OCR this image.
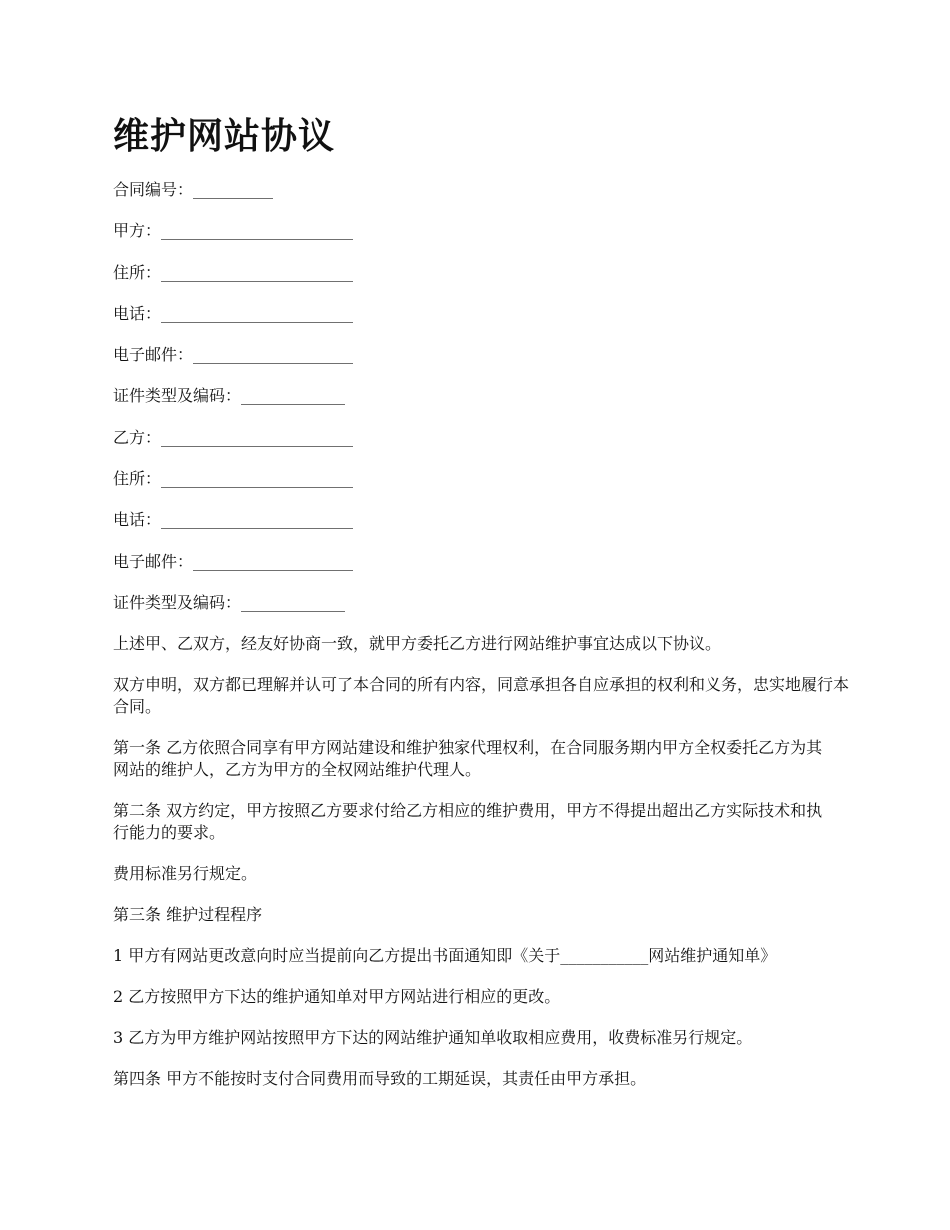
维护网站协议
合同编号：__________
甲方：________________________
住所：________________________
电话：________________________
电子邮件：____________________
证件类型及编码：_____________
乙方：________________________
住所：________________________
电话：________________________
电子邮件：____________________
证件类型及编码：_____________
上述甲、乙双方，经友好协商一致，就甲方委托乙方进行网站维护事宜达成以下协议。
双方申明，双方都已理解并认可了本合同的所有内容，同意承担各自应承担的权利和义务，忠实地履行本合同。
第一条 乙方依照合同享有甲方网站建设和维护独家代理权利，在合同服务期内甲方全权委托乙方为其网站的维护人，乙方为甲方的全权网站维护代理人。
第二条 双方约定，甲方按照乙方要求付给乙方相应的维护费用，甲方不得提出超出乙方实际技术和执行能力的要求。
费用标准另行规定。
第三条 维护过程程序
1 甲方有网站更改意向时应当提前向乙方提出书面通知即《关于___________网站维护通知单》
2 乙方按照甲方下达的维护通知单对甲方网站进行相应的更改。
3 乙方为甲方维护网站按照甲方下达的网站维护通知单收取相应费用，收费标准另行规定。
第四条 甲方不能按时支付合同费用而导致的工期延误，其责任由甲方承担。
